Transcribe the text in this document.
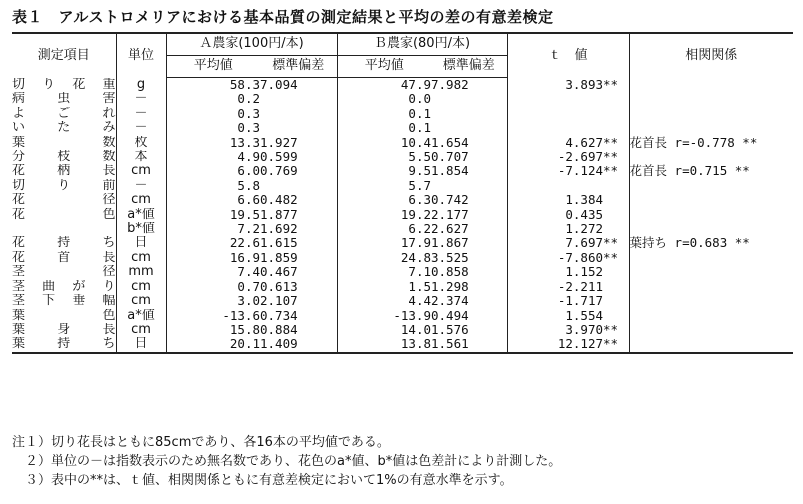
表１　アルストロメリアにおける基本品質の測定結果と平均の差の有意差検定
測定項目	単位	Ａ農家(100円/本)		Ｂ農家(80円/本)		ｔ　値		相関関係
		平均値	標準偏差	平均値	標準偏差			
切り花重	g	58.3	7.094	47.9	7.982	3.893	**	
病虫害	－	0.2		0.0				
よごれ	－	0.3		0.1				
いたみ	－	0.3		0.1				
葉数	枚	13.3	1.927	10.4	1.654	4.627	**	花首長 r=-0.778 **
分枝数	本	4.9	0.599	5.5	0.707	-2.697	**	
花柄長	cm	6.0	0.769	9.5	1.854	-7.124	**	花首長 r=0.715 **
切り前	－	5.8		5.7				
花径	cm	6.6	0.482	6.3	0.742	1.384		
花色	a*値	19.5	1.877	19.2	2.177	0.435		
	b*値	7.2	1.692	6.2	2.627	1.272		
花持ち	日	22.6	1.615	17.9	1.867	7.697	**	葉持ち r=0.683 **
花首長	cm	16.9	1.859	24.8	3.525	-7.860	**	
茎径	mm	7.4	0.467	7.1	0.858	1.152		
茎曲がり	cm	0.7	0.613	1.5	1.298	-2.211		
茎下垂幅	cm	3.0	2.107	4.4	2.374	-1.717		
葉色	a*値	-13.6	0.734	-13.9	0.494	1.554		
葉身長	cm	15.8	0.884	14.0	1.576	3.970	**	
葉持ち	日	20.1	1.409	13.8	1.561	12.127	**	
注１）切り花長はともに85cmであり、各16本の平均値である。
　２）単位の－は指数表示のため無名数であり、花色のa*値、b*値は色差計により計測した。
　３）表中の**は、ｔ値、相関関係ともに有意差検定において1%の有意水準を示す。
